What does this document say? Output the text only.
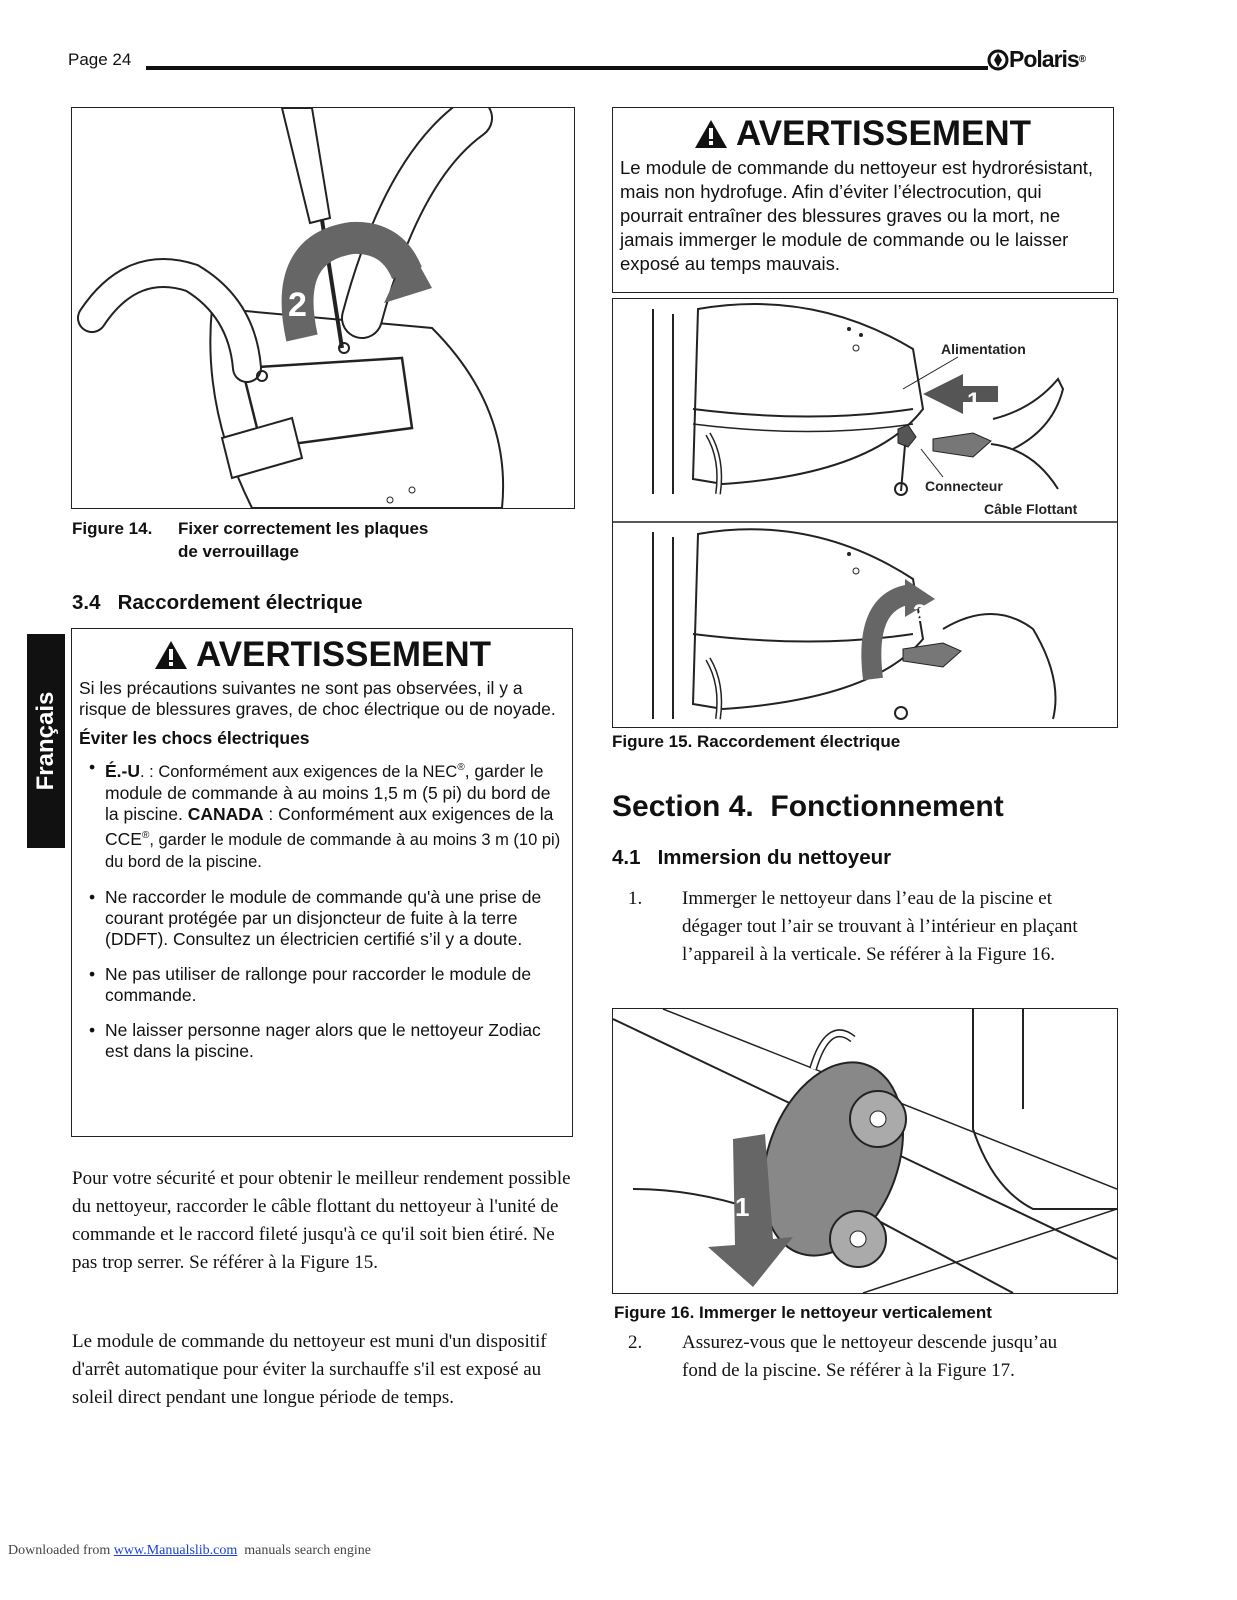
Page 24	Polaris ®
Français
2
Figure 14.	Fixer correctement les plaques
de verrouillage
3.4   Raccordement électrique
AVERTISSEMENT

Si les précautions suivantes ne sont pas observées, il y a risque de blessures graves, de choc électrique ou de noyade.

Éviter les chocs électriques

• É.-U. : Conformément aux exigences de la NEC®, garder le module de commande à au moins 1,5 m (5 pi) du bord de la piscine. CANADA : Conformément aux exigences de la CCE®, garder le module de commande à au moins 3 m (10 pi) du bord de la piscine.
• Ne raccorder le module de commande qu'à une prise de courant protégée par un disjoncteur de fuite à la terre (DDFT). Consultez un électricien certifié s’il y a doute.
• Ne pas utiliser de rallonge pour raccorder le module de commande.
• Ne laisser personne nager alors que le nettoyeur Zodiac est dans la piscine.

Pour votre sécurité et pour obtenir le meilleur rendement possible du nettoyeur, raccorder le câble flottant du nettoyeur à l'unité de commande et le raccord fileté jusqu'à ce qu'il soit bien étiré. Ne pas trop serrer. Se référer à la Figure 15.

Le module de commande du nettoyeur est muni d'un dispositif d'arrêt automatique pour éviter la surchauffe s'il est exposé au soleil direct pendant une longue période de temps.

AVERTISSEMENT

Le module de commande du nettoyeur est hydrorésistant, mais non hydrofuge. Afin d’éviter l’électrocution, qui pourrait entraîner des blessures graves ou la mort, ne jamais immerger le module de commande ou le laisser exposé au temps mauvais.

1
Alimentation
Connecteur
Câble Flottant
2
Figure 15. Raccordement électrique
Section 4.  Fonctionnement
4.1   Immersion du nettoyeur
1.	Immerger le nettoyeur dans l’eau de la piscine et dégager tout l’air se trouvant à l’intérieur en plaçant l’appareil à la verticale. Se référer à la Figure 16.
1
Figure 16. Immerger le nettoyeur verticalement
2.	Assurez-vous que le nettoyeur descende jusqu’au fond de la piscine. Se référer à la Figure 17.
Downloaded from www.Manualslib.com  manuals search engine
